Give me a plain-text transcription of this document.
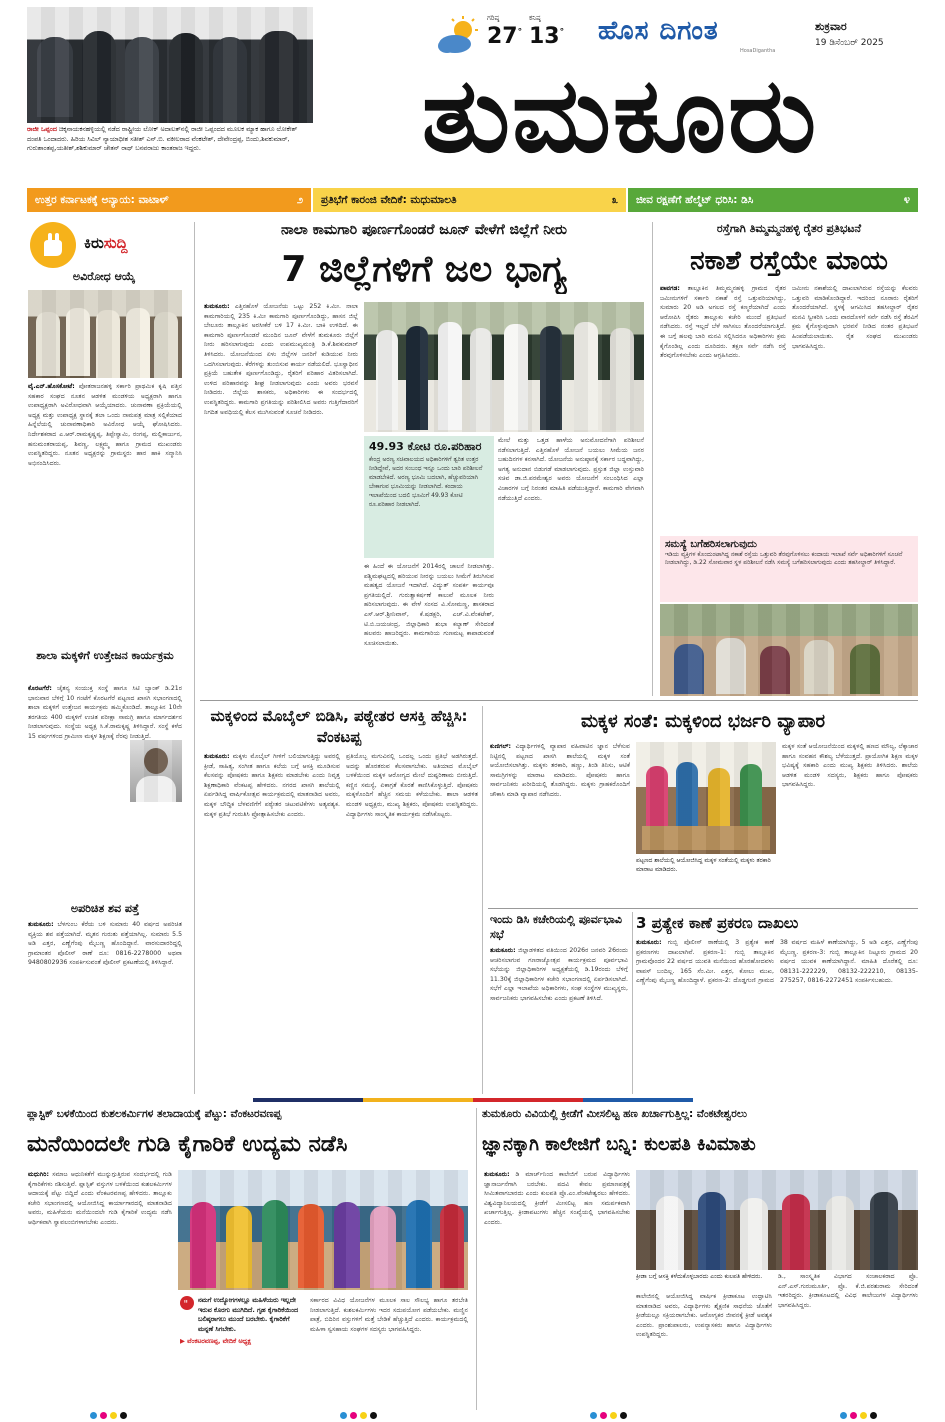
ರಾಜೀ ಒಪ್ಪಂದ ಚಿಕ್ಕನಾಯಕನಹಳ್ಳಿಯಲ್ಲಿ ನಡೆದ ರಾಷ್ಟ್ರೀಯ ಲೋಕ್ ಅದಾಲತ್‌ನಲ್ಲಿ ರಾಜೀ ಒಪ್ಪಂದದ ಮೂಲಕ ಮ್ಯಾಕ ಹಾಗೂ ಲೋಕೇಶ್ ದಂಪತಿ ಒಂದಾದರು. ಹಿರಿಯ ಸಿವಿಲ್ ನ್ಯಾಯಾಧೀಶ ಸತೀಶ್ ಎನ್.ಬಿ. ವಕೀಲರಾದ ವೆಂಕಟೇಶ್, ದೇವೇಂದ್ರಪ್ಪ, ಬಿಂದು,ಶಿವಕುಮಾರ್, ಗುರುಶಾಂತಪ್ಪ,ಯತೀಶ್,ಶಶಿಕುಮಾರ್ ಚೇತನ್ ರಾಥ್ ಬನವರಾಜು ಕಾಂತರಾಜ ಇದ್ದರು.
ಗರಿಷ್ಠ
27°
ಕನಿಷ್ಠ
13° ಹೊಸ ದಿಗಂತ
HosaDigantha
ಶುಕ್ರವಾರ
19 ಡಿಸೆಂಬರ್ 2025
ತುಮಕೂರು
ಉತ್ತರ ಕರ್ನಾಟಕಕ್ಕೆ ಅನ್ಯಾಯ: ವಾಟಾಳ್	೨ ಪ್ರತಿಭೆಗೆ ಕಾರಂಜಿ ವೇದಿಕೆ: ಮಧುಮಾಲತಿ	೩ ಜೀವ ರಕ್ಷಣೆಗೆ ಹೆಲ್ಮೆಟ್ ಧರಿಸಿ: ಡಿಸಿ	೪
ಕಿರುಸುದ್ದಿ
ಅವಿರೋಧ ಆಯ್ಕೆ
ವೈ.ಎನ್.ಹೊಸಕೋಟೆ: ಪೋತರಾಜನಹಳ್ಳಿ ಸರ್ಕಾರಿ ಪ್ರಾಥಮಿಕ ಕೃಷಿ ಪತ್ತಿನ ಸಹಕಾರ ಸಂಘದ ನೂತನ ಆಡಳಿತ ಮಂಡಳಿಯ ಅಧ್ಯಕ್ಷರಾಗಿ ಹಾಗೂ ಉಪಾಧ್ಯಕ್ಷರಾಗಿ ಅವಿರೋಧವಾಗಿ ಆಯ್ಕೆಯಾದರು. ಚುನಾವಣಾ ಪ್ರಕ್ರಿಯೆಯಲ್ಲಿ ಅಧ್ಯಕ್ಷ ಮತ್ತು ಉಪಾಧ್ಯಕ್ಷ ಸ್ಥಾನಕ್ಕೆ ತಲಾ ಒಂದು ನಾಮಪತ್ರ ಮಾತ್ರ ಸಲ್ಲಿಕೆಯಾದ ಹಿನ್ನೆಲೆಯಲ್ಲಿ ಚುನಾವಣಾಧಿಕಾರಿ ಅವಿರೋಧ ಆಯ್ಕೆ ಘೋಷಿಸಿದರು. ನಿರ್ದೇಶಕರಾದ ಎ.ಆರ್.ರಾಮಕೃಷ್ಣಪ್ಪ, ತಿಪ್ಪೇಸ್ವಾಮಿ, ರಂಗಪ್ಪ, ಮಲ್ಲಿಕಾರ್ಜುನ, ಹನುಮಂತರಾಯಪ್ಪ, ಶಿವಣ್ಣ, ಲಕ್ಷ್ಮಮ್ಮ ಹಾಗೂ ಗ್ರಾಮದ ಮುಖಂಡರು ಉಪಸ್ಥಿತರಿದ್ದರು. ನೂತನ ಅಧ್ಯಕ್ಷರನ್ನು ಗ್ರಾಮಸ್ಥರು ಹಾರ ಹಾಕಿ ಸನ್ಮಾನಿಸಿ ಅಭಿನಂದಿಸಿದರು.
ಶಾಲಾ ಮಕ್ಕಳಿಗೆ ಉತ್ತೇಜನ ಕಾರ್ಯಕ್ರಮ
ಕೊರಟಗೆರೆ: ಚೈತನ್ಯ ಸಂಯುಕ್ತ ಸಂಸ್ಥೆ ಹಾಗೂ ಸಿಟಿ ಬ್ಯಾಂಕ್ ಡಿ.21ರ ಭಾನುವಾರ ಬೆಳಿಗ್ಗೆ 10 ಗಂಟೆಗೆ ಕೊರಟಗೆರೆ ಪಟ್ಟಣದ ಖಾಸಗಿ ಸಭಾಂಗಣದಲ್ಲಿ ಶಾಲಾ ಮಕ್ಕಳಿಗೆ ಉತ್ತೇಜನ ಕಾರ್ಯಕ್ರಮ ಹಮ್ಮಿಕೊಂಡಿದೆ. ತಾಲ್ಲೂಕಿನ 10ನೇ ತರಗತಿಯ 400 ಮಕ್ಕಳಿಗೆ ಉಚಿತ ಪರೀಕ್ಷಾ ಸಾಮಗ್ರಿ ಹಾಗೂ ಮಾರ್ಗದರ್ಶನ ನೀಡಲಾಗುವುದು. ಸಂಸ್ಥೆಯ ಅಧ್ಯಕ್ಷ ಸಿ.ಕೆ.ರಾಮಕೃಷ್ಣ ತಿಳಿಸಿದ್ದಾರೆ. ಸಂಸ್ಥೆ ಕಳೆದ 15 ವರ್ಷಗಳಿಂದ ಗ್ರಾಮೀಣ ಮಕ್ಕಳ ಶಿಕ್ಷಣಕ್ಕೆ ನೆರವು ನೀಡುತ್ತಿದೆ.
ಅಪರಿಚಿತ ಶವ ಪತ್ತೆ
ತುಮಕೂರು: ಬೆಳಗುಂಬ ಕೆರೆಯ ಬಳಿ ಸುಮಾರು 40 ವರ್ಷದ ಅಪರಿಚಿತ ವ್ಯಕ್ತಿಯ ಶವ ಪತ್ತೆಯಾಗಿದೆ. ಮೃತನ ಗುರುತು ಪತ್ತೆಯಾಗಿಲ್ಲ. ಸುಮಾರು 5.5 ಅಡಿ ಎತ್ತರ, ಎಣ್ಣೆಗೆಂಪು ಮೈಬಣ್ಣ ಹೊಂದಿದ್ದಾನೆ. ವಾರಸುದಾರರಿದ್ದಲ್ಲಿ ಗ್ರಾಮಾಂತರ ಪೊಲೀಸ್ ಠಾಣೆ ದೂ: 0816-2278000 ಅಥವಾ 9480802936 ಸಂಪರ್ಕಿಸುವಂತೆ ಪೊಲೀಸ್ ಪ್ರಕಟಣೆಯಲ್ಲಿ ತಿಳಿಸಿದ್ದಾರೆ.
ನಾಲಾ ಕಾಮಗಾರಿ ಪೂರ್ಣಗೊಂಡರೆ ಜೂನ್ ವೇಳೆಗೆ ಜಿಲ್ಲೆಗೆ ನೀರು
7 ಜಿಲ್ಲೆಗಳಿಗೆ ಜಲ ಭಾಗ್ಯ
ತುಮಕೂರು: ಎತ್ತಿನಹೊಳೆ ಯೋಜನೆಯ ಒಟ್ಟು 252 ಕಿ.ಮೀ. ನಾಲಾ ಕಾಮಗಾರಿಯಲ್ಲಿ 235 ಕಿ.ಮೀ ಕಾಮಗಾರಿ ಪೂರ್ಣಗೊಂಡಿದ್ದು, ಹಾಸನ ಜಿಲ್ಲೆ ಬೇಲೂರು ತಾಲ್ಲೂಕಿನ ಅರಸೀಕೆರೆ ಬಳಿ 17 ಕಿ.ಮೀ. ಬಾಕಿ ಉಳಿದಿದೆ. ಈ ಕಾಮಗಾರಿ ಪೂರ್ಣಗೊಂಡರೆ ಮುಂದಿನ ಜೂನ್ ವೇಳೆಗೆ ತುಮಕೂರು ಜಿಲ್ಲೆಗೆ ನೀರು ಹರಿಸಲಾಗುವುದು ಎಂದು ಉಪಮುಖ್ಯಮಂತ್ರಿ ಡಿ.ಕೆ.ಶಿವಕುಮಾರ್ ತಿಳಿಸಿದರು. ಯೋಜನೆಯಿಂದ ಏಳು ಜಿಲ್ಲೆಗಳ ಜನರಿಗೆ ಕುಡಿಯುವ ನೀರು ಒದಗಿಸಲಾಗುವುದು. ಕೆರೆಗಳನ್ನು ತುಂಬಿಸುವ ಕಾರ್ಯ ನಡೆಯಲಿದೆ. ಭೂಸ್ವಾಧೀನ ಪ್ರಕ್ರಿಯೆ ಬಹುತೇಕ ಪೂರ್ಣಗೊಂಡಿದ್ದು, ರೈತರಿಗೆ ಪರಿಹಾರ ವಿತರಿಸಲಾಗಿದೆ. ಉಳಿದ ಪರಿಹಾರವನ್ನು ಶೀಘ್ರ ನೀಡಲಾಗುವುದು ಎಂದು ಅವರು ಭರವಸೆ ನೀಡಿದರು. ಜಿಲ್ಲೆಯ ಶಾಸಕರು, ಅಧಿಕಾರಿಗಳು ಈ ಸಂದರ್ಭದಲ್ಲಿ ಉಪಸ್ಥಿತರಿದ್ದರು. ಕಾಮಗಾರಿ ಪ್ರಗತಿಯನ್ನು ಪರಿಶೀಲಿಸಿದ ಅವರು ಗುತ್ತಿಗೆದಾರರಿಗೆ ನಿಗದಿತ ಅವಧಿಯಲ್ಲಿ ಕೆಲಸ ಮುಗಿಸುವಂತೆ ಸೂಚನೆ ನೀಡಿದರು.
49.93 ಕೋಟಿ ರೂ.ಪರಿಹಾರ
ಕೇಂದ್ರ ಅರಣ್ಯ ಸಚಿವಾಲಯದ ಅಧಿಕಾರಿಗಳಿಗೆ ತ್ವರಿತ ಉತ್ತರ ನೀಡಿದ್ದೇವೆ, ಅದರ ಸಂಬಂಧ ಇನ್ನೂ ಒಂದು ಬಾರಿ ಪರಿಶೀಲನೆ ಮಾಡಬೇಕಿದೆ. ಅರಣ್ಯ ಭೂಮಿ ಬದಲಾಗಿ, ಹೆಚ್ಚುವರಿಯಾಗಿ ಬೇಕಾಗುವ ಭೂಮಿಯನ್ನು ನೀಡಲಾಗಿದೆ. ಕಂದಾಯ ಇಲಾಖೆಯಿಂದ ಬದಲಿ ಭೂಮಿಗೆ 49.93 ಕೋಟಿ ರೂ.ಪರಿಹಾರ ನೀಡಲಾಗಿದೆ.
ಮೇಲೆ ಮತ್ತು ಒತ್ತಡ ಹಾಳೆಯ ಅನುಮೋದನೆಗಾಗಿ ಪರಿಶೀಲನೆ ನಡೆಸಲಾಗುತ್ತಿದೆ. ಎತ್ತಿನಹೊಳೆ ಯೋಜನೆ ಬಯಲು ಸೀಮೆಯ ಜನರ ಬಹುದಿನಗಳ ಕನಸಾಗಿದೆ. ಯೋಜನೆಯ ಅನುಷ್ಠಾನಕ್ಕೆ ಸರ್ಕಾರ ಬದ್ಧವಾಗಿದ್ದು, ಅಗತ್ಯ ಅನುದಾನ ಬಿಡುಗಡೆ ಮಾಡಲಾಗುವುದು. ಪ್ರಸ್ತುತ ಜಿಲ್ಲಾ ಉಸ್ತುವಾರಿ ಸಚಿವ ಡಾ.ಜಿ.ಪರಮೇಶ್ವರ ಅವರು ಯೋಜನೆಗೆ ಸಂಬಂಧಿಸಿದ ಎಲ್ಲಾ ವಿಚಾರಗಳ ಬಗ್ಗೆ ನಿರಂತರ ಮಾಹಿತಿ ಪಡೆಯುತ್ತಿದ್ದಾರೆ. ಕಾಮಗಾರಿ ವೇಗವಾಗಿ ನಡೆಯುತ್ತಿದೆ ಎಂದರು.
ಈ ಹಿಂದೆ ಈ ಯೋಜನೆಗೆ 2014ರಲ್ಲಿ ಚಾಲನೆ ನೀಡಲಾಗಿತ್ತು. ಪಶ್ಚಿಮಘಟ್ಟದಲ್ಲಿ ಹರಿಯುವ ನೀರನ್ನು ಬಯಲು ಸೀಮೆಗೆ ತಿರುಗಿಸುವ ಮಹತ್ವದ ಯೋಜನೆ ಇದಾಗಿದೆ. ವಿದ್ಯುತ್ ಸಂಪರ್ಕ ಕಾರ್ಯವೂ ಪ್ರಗತಿಯಲ್ಲಿದೆ. ಗುರುತ್ವಾಕರ್ಷಣೆ ಕಾಲುವೆ ಮೂಲಕ ನೀರು ಹರಿಸಲಾಗುವುದು. ಈ ವೇಳೆ ಸಂಸದ ವಿ.ಸೋಮಣ್ಣ, ಶಾಸಕರಾದ ಎಸ್.ಆರ್.ಶ್ರೀನಿವಾಸ್, ಕೆ.ಷಡಕ್ಷರಿ, ಎಚ್.ವಿ.ವೆಂಕಟೇಶ್, ಟಿ.ಬಿ.ಜಯಚಂದ್ರ, ಜಿಲ್ಲಾಧಿಕಾರಿ ಶುಭಾ ಕಲ್ಯಾಣ್ ಸೇರಿದಂತೆ ಹಲವರು ಹಾಜರಿದ್ದರು. ಕಾಮಗಾರಿಯ ಗುಣಮಟ್ಟ ಕಾಪಾಡುವಂತೆ ಸೂಚಿಸಲಾಯಿತು.
ರಸ್ತೆಗಾಗಿ ತಿಮ್ಮಮ್ಮನಹಳ್ಳಿ ರೈತರ ಪ್ರತಿಭಟನೆ
ನಕಾಶೆ ರಸ್ತೆಯೇ ಮಾಯ
ಪಾವಗಡ: ತಾಲ್ಲೂಕಿನ ತಿಮ್ಮಮ್ಮನಹಳ್ಳಿ ಗ್ರಾಮದ ರೈತರ ಜಮೀನುಗಳಿಗೆ ಸರ್ಕಾರಿ ನಕಾಶೆ ರಸ್ತೆ ಒತ್ತುವರಿಯಾಗಿದ್ದು, ಸುಮಾರು 20 ಅಡಿ ಅಗಲದ ರಸ್ತೆ ಕಣ್ಮರೆಯಾಗಿದೆ ಎಂದು ಆರೋಪಿಸಿ ರೈತರು ತಾಲ್ಲೂಕು ಕಚೇರಿ ಮುಂದೆ ಪ್ರತಿಭಟನೆ ನಡೆಸಿದರು. ರಸ್ತೆ ಇಲ್ಲದೆ ಬೆಳೆ ಸಾಗಿಸಲು ತೊಂದರೆಯಾಗುತ್ತಿದೆ. ಈ ಬಗ್ಗೆ ಹಲವು ಬಾರಿ ಮನವಿ ಸಲ್ಲಿಸಿದರೂ ಅಧಿಕಾರಿಗಳು ಕ್ರಮ ಕೈಗೊಂಡಿಲ್ಲ ಎಂದು ದೂರಿದರು. ತಕ್ಷಣ ಸರ್ವೆ ನಡೆಸಿ ರಸ್ತೆ ತೆರವುಗೊಳಿಸಬೇಕು ಎಂದು ಆಗ್ರಹಿಸಿದರು.
ಜಮೀನು ನಕಾಶೆಯಲ್ಲಿ ದಾಖಲಾಗಿರುವ ರಸ್ತೆಯನ್ನು ಕೆಲವರು ಒತ್ತುವರಿ ಮಾಡಿಕೊಂಡಿದ್ದಾರೆ. ಇದರಿಂದ ನೂರಾರು ರೈತರಿಗೆ ತೊಂದರೆಯಾಗಿದೆ. ಸ್ಥಳಕ್ಕೆ ಆಗಮಿಸಿದ ತಹಸೀಲ್ದಾರ್ ರೈತರ ಮನವಿ ಸ್ವೀಕರಿಸಿ ಒಂದು ವಾರದೊಳಗೆ ಸರ್ವೆ ನಡೆಸಿ ರಸ್ತೆ ತೆರವಿಗೆ ಕ್ರಮ ಕೈಗೊಳ್ಳುವುದಾಗಿ ಭರವಸೆ ನೀಡಿದ ನಂತರ ಪ್ರತಿಭಟನೆ ಹಿಂಪಡೆಯಲಾಯಿತು. ರೈತ ಸಂಘದ ಮುಖಂಡರು ಭಾಗವಹಿಸಿದ್ದರು.
ಸಮಸ್ಯೆ ಬಗೆಹರಿಸಲಾಗುವುದು
ಇಡಿಯ ವ್ಯಕ್ತಿಗಳ ಕೊಂದುಂಟಾಗಿದ್ದ ನಕಾಶೆ ರಸ್ತೆಯ ಒತ್ತುವರಿ ತೆರವುಗೊಳಿಸಲು ಕಂದಾಯ ಇಲಾಖೆ ಸರ್ವೆ ಅಧಿಕಾರಿಗಳಿಗೆ ಸೂಚನೆ ನೀಡಲಾಗಿದ್ದು, ಡಿ.22 ಸೋಮವಾರ ಸ್ಥಳ ಪರಿಶೀಲನೆ ನಡೆಸಿ ಸಮಸ್ಯೆ ಬಗೆಹರಿಸಲಾಗುವುದು ಎಂದು ತಹಸೀಲ್ದಾರ್ ತಿಳಿಸಿದ್ದಾರೆ.
ಮಕ್ಕಳಿಂದ ಮೊಬೈಲ್ ಬಿಡಿಸಿ, ಪಠ್ಯೇತರ ಆಸಕ್ತಿ ಹೆಚ್ಚಿಸಿ: ವೆಂಕಟಪ್ಪ
ತುಮಕೂರು: ಮಕ್ಕಳು ಮೊಬೈಲ್ ಗೀಳಿಗೆ ಬಲಿಯಾಗುತ್ತಿದ್ದು ಅವರಲ್ಲಿ ಕ್ರೀಡೆ, ಸಾಹಿತ್ಯ, ಸಂಗೀತ ಹಾಗೂ ಕಲೆಯ ಬಗ್ಗೆ ಆಸಕ್ತಿ ಮೂಡಿಸುವ ಕೆಲಸವನ್ನು ಪೋಷಕರು ಹಾಗೂ ಶಿಕ್ಷಕರು ಮಾಡಬೇಕು ಎಂದು ನಿವೃತ್ತ ಶಿಕ್ಷಣಾಧಿಕಾರಿ ವೆಂಕಟಪ್ಪ ಹೇಳಿದರು. ನಗರದ ಖಾಸಗಿ ಶಾಲೆಯಲ್ಲಿ ಏರ್ಪಡಿಸಿದ್ದ ವಾರ್ಷಿಕೋತ್ಸವ ಕಾರ್ಯಕ್ರಮದಲ್ಲಿ ಮಾತನಾಡಿದ ಅವರು, ಮಕ್ಕಳ ಬೌದ್ಧಿಕ ಬೆಳವಣಿಗೆಗೆ ಪಠ್ಯೇತರ ಚಟುವಟಿಕೆಗಳು ಅತ್ಯವಶ್ಯಕ. ಮಕ್ಕಳ ಪ್ರತಿಭೆ ಗುರುತಿಸಿ ಪ್ರೋತ್ಸಾಹಿಸಬೇಕು ಎಂದರು.
ಪ್ರತಿಯೊಬ್ಬ ಮಗುವಿನಲ್ಲಿ ಒಂದಲ್ಲ ಒಂದು ಪ್ರತಿಭೆ ಅಡಗಿರುತ್ತದೆ. ಅದನ್ನು ಹೊರತರುವ ಕೆಲಸವಾಗಬೇಕು. ಅತಿಯಾದ ಮೊಬೈಲ್ ಬಳಕೆಯಿಂದ ಮಕ್ಕಳ ಆರೋಗ್ಯದ ಮೇಲೆ ದುಷ್ಪರಿಣಾಮ ಬೀರುತ್ತಿದೆ. ಕಣ್ಣಿನ ಸಮಸ್ಯೆ, ಏಕಾಗ್ರತೆ ಕೊರತೆ ಕಾಣಿಸಿಕೊಳ್ಳುತ್ತಿದೆ. ಪೋಷಕರು ಮಕ್ಕಳೊಂದಿಗೆ ಹೆಚ್ಚಿನ ಸಮಯ ಕಳೆಯಬೇಕು. ಶಾಲಾ ಆಡಳಿತ ಮಂಡಳಿ ಅಧ್ಯಕ್ಷರು, ಮುಖ್ಯ ಶಿಕ್ಷಕರು, ಪೋಷಕರು ಉಪಸ್ಥಿತರಿದ್ದರು. ವಿದ್ಯಾರ್ಥಿಗಳು ಸಾಂಸ್ಕೃತಿಕ ಕಾರ್ಯಕ್ರಮ ನಡೆಸಿಕೊಟ್ಟರು.
ಮಕ್ಕಳ ಸಂತೆ: ಮಕ್ಕಳಿಂದ ಭರ್ಜರಿ ವ್ಯಾಪಾರ
ಕುಣಿಗಲ್: ವಿದ್ಯಾರ್ಥಿಗಳಲ್ಲಿ ವ್ಯಾಪಾರ ವಹಿವಾಟಿನ ಜ್ಞಾನ ಬೆಳೆಸುವ ನಿಟ್ಟಿನಲ್ಲಿ ಪಟ್ಟಣದ ಖಾಸಗಿ ಶಾಲೆಯಲ್ಲಿ ಮಕ್ಕಳ ಸಂತೆ ಆಯೋಜಿಸಲಾಗಿತ್ತು. ಮಕ್ಕಳು ತರಕಾರಿ, ಹಣ್ಣು, ತಿಂಡಿ ತಿನಿಸು, ಆಟಿಕೆ ಸಾಮಗ್ರಿಗಳನ್ನು ಮಾರಾಟ ಮಾಡಿದರು. ಪೋಷಕರು ಹಾಗೂ ಸಾರ್ವಜನಿಕರು ಖರೀದಿಯಲ್ಲಿ ತೊಡಗಿದ್ದರು. ಮಕ್ಕಳು ಗ್ರಾಹಕರೊಂದಿಗೆ ಚೌಕಾಸಿ ಮಾಡಿ ವ್ಯಾಪಾರ ನಡೆಸಿದರು.
ಪಟ್ಟಣದ ಶಾಲೆಯಲ್ಲಿ ಆಯೋಜಿಸಿದ್ದ ಮಕ್ಕಳ ಸಂತೆಯಲ್ಲಿ ಮಕ್ಕಳು ತರಕಾರಿ ಮಾರಾಟ ಮಾಡಿದರು.
ಮಕ್ಕಳ ಸಂತೆ ಆಯೋಜನೆಯಿಂದ ಮಕ್ಕಳಲ್ಲಿ ಹಣದ ಮೌಲ್ಯ, ಲೆಕ್ಕಾಚಾರ ಹಾಗೂ ಸಂವಹನ ಕೌಶಲ್ಯ ಬೆಳೆಯುತ್ತದೆ. ಪ್ರಾಯೋಗಿಕ ಶಿಕ್ಷಣ ಮಕ್ಕಳ ಭವಿಷ್ಯಕ್ಕೆ ಸಹಕಾರಿ ಎಂದು ಮುಖ್ಯ ಶಿಕ್ಷಕರು ತಿಳಿಸಿದರು. ಶಾಲೆಯ ಆಡಳಿತ ಮಂಡಳಿ ಸದಸ್ಯರು, ಶಿಕ್ಷಕರು ಹಾಗೂ ಪೋಷಕರು ಭಾಗವಹಿಸಿದ್ದರು.
ಇಂದು ಡಿಸಿ ಕಚೇರಿಯಲ್ಲಿ ಪೂರ್ವಭಾವಿ ಸಭೆ
ತುಮಕೂರು: ಜಿಲ್ಲಾಡಳಿತದ ವತಿಯಿಂದ 2026ರ ಜನವರಿ 26ರಂದು ಆಚರಿಸಲಾಗುವ ಗಣರಾಜ್ಯೋತ್ಸವ ಕಾರ್ಯಕ್ರಮದ ಪೂರ್ವಭಾವಿ ಸಭೆಯನ್ನು ಜಿಲ್ಲಾಧಿಕಾರಿಗಳ ಅಧ್ಯಕ್ಷತೆಯಲ್ಲಿ ಡಿ.19ರಂದು ಬೆಳಿಗ್ಗೆ 11.30ಕ್ಕೆ ಜಿಲ್ಲಾಧಿಕಾರಿಗಳ ಕಚೇರಿ ಸಭಾಂಗಣದಲ್ಲಿ ಏರ್ಪಡಿಸಲಾಗಿದೆ. ಸಭೆಗೆ ಎಲ್ಲಾ ಇಲಾಖೆಯ ಅಧಿಕಾರಿಗಳು, ಸಂಘ ಸಂಸ್ಥೆಗಳ ಮುಖ್ಯಸ್ಥರು, ಸಾರ್ವಜನಿಕರು ಭಾಗವಹಿಸಬೇಕು ಎಂದು ಪ್ರಕಟಣೆ ತಿಳಿಸಿದೆ.
3 ಪ್ರತ್ಯೇಕ ಕಾಣೆ ಪ್ರಕರಣ ದಾಖಲು
ತುಮಕೂರು: ಗುಬ್ಬಿ ಪೊಲೀಸ್ ಠಾಣೆಯಲ್ಲಿ 3 ಪ್ರತ್ಯೇಕ ಕಾಣೆ ಪ್ರಕರಣಗಳು ದಾಖಲಾಗಿವೆ. ಪ್ರಕರಣ-1: ಗುಬ್ಬಿ ತಾಲ್ಲೂಕಿನ ಗ್ರಾಮವೊಂದರ 22 ವರ್ಷದ ಯುವತಿ ಮನೆಯಿಂದ ಹೊರಹೋದವಳು ವಾಪಸ್ ಬಂದಿಲ್ಲ. 165 ಸೆಂ.ಮೀ. ಎತ್ತರ, ಕೋಲು ಮುಖ, ಎಣ್ಣೆಗೆಂಪು ಮೈಬಣ್ಣ ಹೊಂದಿದ್ದಾಳೆ. ಪ್ರಕರಣ-2: ದೊಡ್ಡಗುಣಿ ಗ್ರಾಮದ 38 ವರ್ಷದ ಮಹಿಳೆ ಕಾಣೆಯಾಗಿದ್ದು, 5 ಅಡಿ ಎತ್ತರ, ಎಣ್ಣೆಗೆಂಪು ಮೈಬಣ್ಣ. ಪ್ರಕರಣ-3: ಗುಬ್ಬಿ ತಾಲ್ಲೂಕಿನ ನಿಟ್ಟೂರು ಗ್ರಾಮದ 20 ವರ್ಷದ ಯುವಕ ಕಾಣೆಯಾಗಿದ್ದಾನೆ. ಮಾಹಿತಿ ದೊರೆತಲ್ಲಿ ದೂ: 08131-222229, 08132-222210, 08135-275257, 0816-2272451 ಸಂಪರ್ಕಿಸಬಹುದು.
ಪ್ಲಾಸ್ಟಿಕ್ ಬಳಕೆಯಿಂದ ಕುಶಲಕರ್ಮಿಗಳ ತಲಾದಾಯಕ್ಕೆ ಪೆಟ್ಟು: ವೆಂಕಟರವಣಪ್ಪ
ಮನೆಯಿಂದಲೇ ಗುಡಿ ಕೈಗಾರಿಕೆ ಉದ್ಯಮ ನಡೆಸಿ
ಮಧುಗಿರಿ: ಸಮಾಜ ಆಧುನಿಕತೆಗೆ ಮುನ್ನುಗ್ಗುತ್ತಿರುವ ಸಂದರ್ಭದಲ್ಲಿ ಗುಡಿ ಕೈಗಾರಿಕೆಗಳು ನಶಿಸುತ್ತಿವೆ. ಪ್ಲಾಸ್ಟಿಕ್ ವಸ್ತುಗಳ ಬಳಕೆಯಿಂದ ಕುಶಲಕರ್ಮಿಗಳ ಆದಾಯಕ್ಕೆ ಪೆಟ್ಟು ಬಿದ್ದಿದೆ ಎಂದು ವೆಂಕಟರವಣಪ್ಪ ಹೇಳಿದರು. ತಾಲ್ಲೂಕು ಕಚೇರಿ ಸಭಾಂಗಣದಲ್ಲಿ ಆಯೋಜಿಸಿದ್ದ ಕಾರ್ಯಾಗಾರದಲ್ಲಿ ಮಾತನಾಡಿದ ಅವರು, ಮಹಿಳೆಯರು ಮನೆಯಿಂದಲೇ ಗುಡಿ ಕೈಗಾರಿಕೆ ಉದ್ಯಮ ನಡೆಸಿ ಆರ್ಥಿಕವಾಗಿ ಸ್ವಾವಲಂಬಿಗಳಾಗಬೇಕು ಎಂದರು.
" ನಮಗೆ ಉದ್ಯೋಗಗಳಲ್ಲೂ ಮಹಿಳೆಯರು ಇಲ್ಲದೇ ಇರುವ ಕೊರಗು ಮುಗಿದಿದೆ. ಗೃಹ ಕೈಗಾರಿಕೆಯಿಂದ ಬಲಿಷ್ಠರಾಗಲು ಮುಂದೆ ಬರಬೇಕು. ಕೈಗಾರಿಕೆಗೆ ಮನ್ನಣೆ ಸಿಗಬೇಕು.
▶ ವೆಂಕಟರವಣಪ್ಪ, ವೇದಿಕೆ ಅಧ್ಯಕ್ಷ
ಸರ್ಕಾರದ ವಿವಿಧ ಯೋಜನೆಗಳ ಮೂಲಕ ಸಾಲ ಸೌಲಭ್ಯ ಹಾಗೂ ತರಬೇತಿ ನೀಡಲಾಗುತ್ತಿದೆ. ಕುಶಲಕರ್ಮಿಗಳು ಇದರ ಸದುಪಯೋಗ ಪಡೆಯಬೇಕು. ಮಣ್ಣಿನ ಪಾತ್ರೆ, ಬಿದಿರಿನ ವಸ್ತುಗಳಿಗೆ ಮತ್ತೆ ಬೇಡಿಕೆ ಹೆಚ್ಚುತ್ತಿದೆ ಎಂದರು. ಕಾರ್ಯಕ್ರಮದಲ್ಲಿ ಮಹಿಳಾ ಸ್ವಸಹಾಯ ಸಂಘಗಳ ಸದಸ್ಯರು ಭಾಗವಹಿಸಿದ್ದರು.
ತುಮಕೂರು ವಿವಿಯಲ್ಲಿ ಕ್ರೀಡೆಗೆ ಮೀಸಲಿಟ್ಟ ಹಣ ಖರ್ಚಾಗುತ್ತಿಲ್ಲ: ವೆಂಕಟೇಶ್ವರಲು
ಜ್ಞಾನಕ್ಕಾಗಿ ಕಾಲೇಜಿಗೆ ಬನ್ನಿ: ಕುಲಪತಿ ಕಿವಿಮಾತು
ತುಮಕೂರು: ಡಿ ಮಾರ್ಚ್‌ನಿಂದ ಕಾಲೇಜಿಗೆ ಬರುವ ವಿದ್ಯಾರ್ಥಿಗಳು ಜ್ಞಾನಾರ್ಜನೆಗಾಗಿ ಬರಬೇಕು. ಪದವಿ ಕೇವಲ ಪ್ರಮಾಣಪತ್ರಕ್ಕೆ ಸೀಮಿತವಾಗಬಾರದು ಎಂದು ಕುಲಪತಿ ಪ್ರೊ.ಎಂ.ವೆಂಕಟೇಶ್ವರಲು ಹೇಳಿದರು. ವಿಶ್ವವಿದ್ಯಾನಿಲಯದಲ್ಲಿ ಕ್ರೀಡೆಗೆ ಮೀಸಲಿಟ್ಟ ಹಣ ಸಮರ್ಪಕವಾಗಿ ಖರ್ಚಾಗುತ್ತಿಲ್ಲ. ಕ್ರೀಡಾಪಟುಗಳು ಹೆಚ್ಚಿನ ಸಂಖ್ಯೆಯಲ್ಲಿ ಭಾಗವಹಿಸಬೇಕು ಎಂದರು.
ಕ್ರೀಡಾ ಬಗ್ಗೆ ಆಸಕ್ತಿ ಕಳೆದುಕೊಳ್ಳಬಾರದು ಎಂದು ಕುಲಪತಿ ಹೇಳಿದರು.
ಕಾಲೇಜಿನಲ್ಲಿ ಆಯೋಜಿಸಿದ್ದ ವಾರ್ಷಿಕ ಕ್ರೀಡಾಕೂಟ ಉದ್ಘಾಟಿಸಿ ಮಾತನಾಡಿದ ಅವರು, ವಿದ್ಯಾರ್ಥಿಗಳು ಶೈಕ್ಷಣಿಕ ಸಾಧನೆಯ ಜೊತೆಗೆ ಕ್ರೀಡೆಯಲ್ಲೂ ಸಕ್ರಿಯರಾಗಬೇಕು. ಆರೋಗ್ಯಕರ ಜೀವನಕ್ಕೆ ಕ್ರೀಡೆ ಅವಶ್ಯಕ ಎಂದರು. ಪ್ರಾಂಶುಪಾಲರು, ಉಪನ್ಯಾಸಕರು ಹಾಗೂ ವಿದ್ಯಾರ್ಥಿಗಳು ಉಪಸ್ಥಿತರಿದ್ದರು.
ಡಿ., ಸಾಂಸ್ಕೃತಿಕ ವಿಭಾಗದ ಸಂಚಾಲಕರಾದ ಪ್ರೊ. ಎನ್.ಎಸ್.ಗುರುಮೂರ್ತಿ, ಪ್ರೊ. ಕೆ.ಜಿ.ಪರಶುರಾಮ ಸೇರಿದಂತೆ ಇತರರಿದ್ದರು. ಕ್ರೀಡಾಕೂಟದಲ್ಲಿ ವಿವಿಧ ಕಾಲೇಜುಗಳ ವಿದ್ಯಾರ್ಥಿಗಳು ಭಾಗವಹಿಸಿದ್ದರು.
